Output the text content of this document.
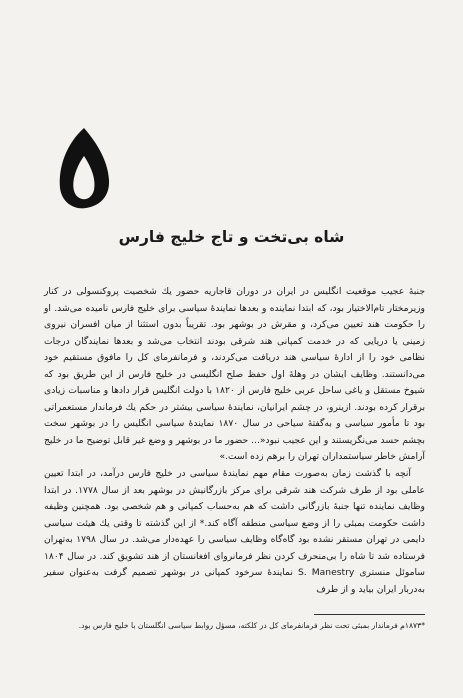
شاه بی‌تخت و تاج خلیج فارس

جنبهٔ عجیب موقعیت انگلیس در ایران در دوران قاجاریه حضور یك شخصیت پروكنسولی در كنار وزیرمختار تام‌الاختیار بود، كه ابتدا نماینده و بعدها نمایندهٔ سیاسی برای خلیج فارس نامیده می‌شد. او را حكومت هند تعیین می‌كرد، و مقرش در بوشهر بود. تقریباً بدون استثنا از میان افسران نیروی زمینی یا دریایی كه در خدمت كمپانی هند شرقی بودند انتخاب می‌شد و بعدها نمایندگان درجات نظامی خود را از ادارهٔ سیاسی هند دریافت می‌كردند، و فرمانفرمای كل را مافوق مستقیم خود می‌دانستند. وظایف ایشان در وهلهٔ اول حفظ صلح انگلیسی در خلیج فارس از این طریق بود كه شیوخ مستقل و یاغی ساحل عربی خلیج فارس از ۱۸۲۰ با دولت انگلیس قرار دادها و مناسبات زیادی برقرار كرده بودند. ازینرو، در چشم ایرانیان، نمایندهٔ سیاسی بیشتر در حكم یك فرماندار مستعمراتی بود تا مأمور سیاسی و به‌گفتهٔ سیاحی در سال ۱۸۷۰ نمایندهٔ سیاسی انگلیس را در بوشهر سخت بچشم حسد می‌نگریستند و این عجیب نبود«... حضور ما در بوشهر و وضع غیر قابل توضیح ما در خلیج آرامش خاطر سیاستمداران تهران را برهم زده است.»

آنچه با گذشت زمان به‌صورت مقام مهم نمایندهٔ سیاسی در خلیج فارس درآمد، در ابتدا تعیین عاملی بود از طرف شركت هند شرقی برای مركز بازرگانیش در بوشهر بعد از سال ۱۷۷۸. در ابتدا وظایف نماینده تنها جنبهٔ بازرگانی داشت كه هم به‌حساب كمپانی و هم شخصی بود. همچنین وظیفه داشت حكومت بمبئی را از وضع سیاسی منطقه آگاه كند.* از این گذشته تا وقتی یك هیئت سیاسی دایمی در تهران مستقر نشده بود گاه‌گاه وظایف سیاسی را عهده‌دار می‌شد. در سال ۱۷۹۸ به‌تهران فرستاده شد تا شاه را بی‌منحرف كردن نظر فرمانروای افغانستان از هند تشویق كند. در سال ۱۸۰۴ ساموئل منستری S. Manestry نمایندهٔ سرخود كمپانی در بوشهر تصمیم گرفت به‌عنوان سفیر به‌دربار ایران بیاید و از طرف

*۱۸۷۳م فرماندار بمبئی تحت نظر فرمانفرمای كل در كلكته، مسؤل روابط سیاسی انگلستان با خلیج فارس بود.
